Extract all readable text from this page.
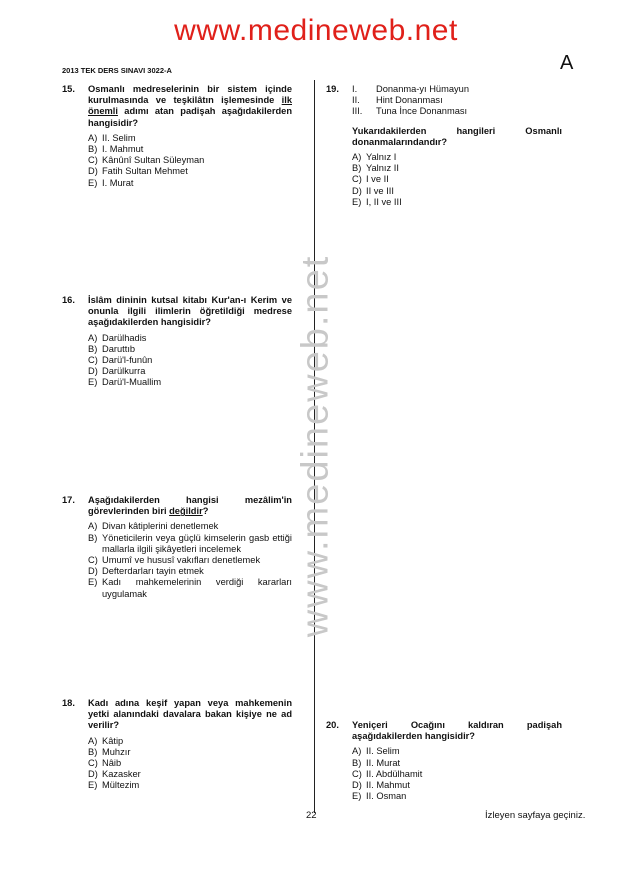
www.medineweb.net
2013 TEK DERS SINAVI 3022-A	A
www.medineweb.net
15.	Osmanlı medreselerinin bir sistem içinde kurulmasında ve teşkilâtın işlemesinde ilk önemli adımı atan padişah aşağıdakilerden hangisidir?
A) II. Selim
B) I. Mahmut
C) Kânûnî Sultan Süleyman
D) Fatih Sultan Mehmet
E) I. Murat
16.	İslâm dininin kutsal kitabı Kur'an-ı Kerim ve onunla ilgili ilimlerin öğretildiği medrese aşağıdakilerden hangisidir?
A) Darülhadis
B) Daruttıb
C) Darü'l-funûn
D) Darülkurra
E) Darü'l-Muallim
17.	Aşağıdakilerden hangisi mezâlim'in görevlerinden biri değildir?
A) Divan kâtiplerini denetlemek
B) Yöneticilerin veya güçlü kimselerin gasb ettiği mallarla ilgili şikâyetleri incelemek
C) Umumî ve hususî vakıfları denetlemek
D) Defterdarları tayin etmek
E) Kadı mahkemelerinin verdiği kararları uygulamak
18.	Kadı adına keşif yapan veya mahkemenin yetki alanındaki davalara bakan kişiye ne ad verilir?
A) Kâtip
B) Muhzır
C) Nâib
D) Kazasker
E) Mültezim
19.	I.	Donanma-yı Hümayun
II.	Hint Donanması
III.	Tuna İnce Donanması
Yukarıdakilerden hangileri Osmanlı donanmalarındandır?
A) Yalnız I
B) Yalnız II
C) I ve II
D) II ve III
E) I, II ve III
20.	Yeniçeri Ocağını kaldıran padişah aşağıdakilerden hangisidir?
A) II. Selim
B) II. Murat
C) II. Abdülhamit
D) II. Mahmut
E) II. Osman
22	İzleyen sayfaya geçiniz.
